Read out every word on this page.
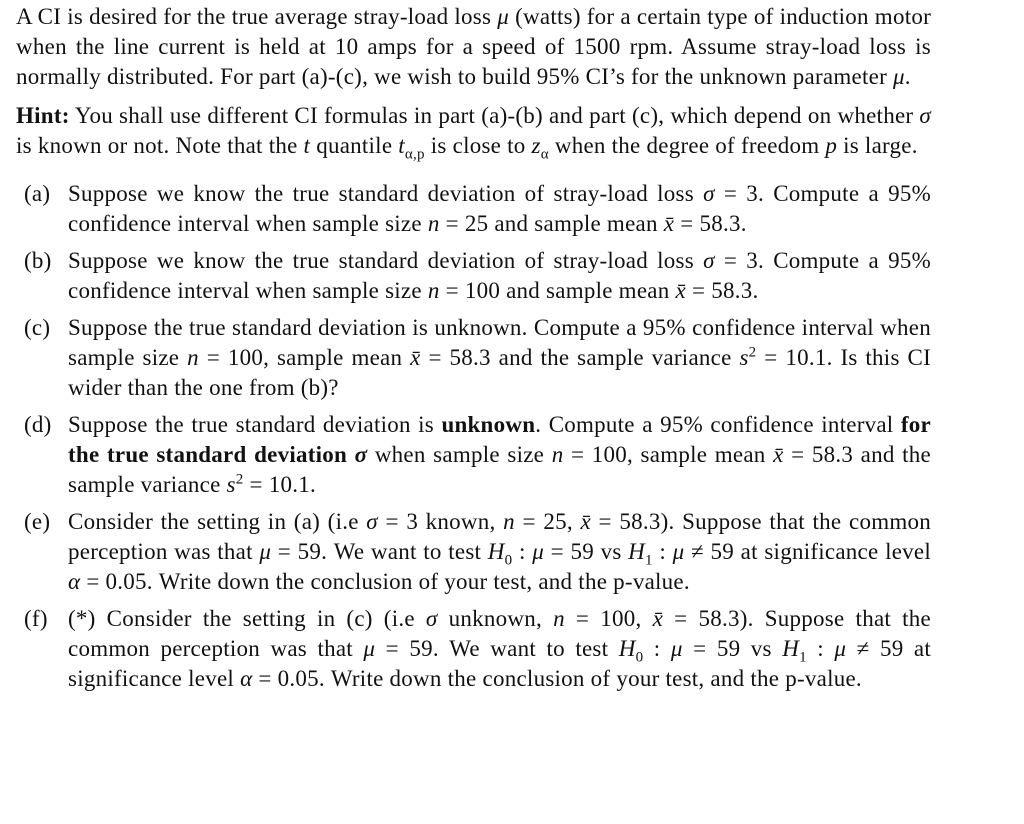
A CI is desired for the true average stray-load loss μ (watts) for a certain type of induction motor when the line current is held at 10 amps for a speed of 1500 rpm. Assume stray-load loss is normally distributed. For part (a)-(c), we wish to build 95% CI’s for the unknown parameter μ.

Hint: You shall use different CI formulas in part (a)-(b) and part (c), which depend on whether σ is known or not. Note that the t quantile $t_{\alpha,p}$ is close to $z_\alpha$ when the degree of freedom p is large.

(a) Suppose we know the true standard deviation of stray-load loss σ = 3. Compute a 95% confidence interval when sample size n = 25 and sample mean x̄ = 58.3.

(b) Suppose we know the true standard deviation of stray-load loss σ = 3. Compute a 95% confidence interval when sample size n = 100 and sample mean x̄ = 58.3.

(c) Suppose the true standard deviation is unknown. Compute a 95% confidence interval when sample size n = 100, sample mean x̄ = 58.3 and the sample variance $s^2 = 10.1$. Is this CI wider than the one from (b)?

(d) Suppose the true standard deviation is unknown. Compute a 95% confidence interval for the true standard deviation σ when sample size n = 100, sample mean x̄ = 58.3 and the sample variance $s^2 = 10.1$.

(e) Consider the setting in (a) (i.e σ = 3 known, n = 25, x̄ = 58.3). Suppose that the common perception was that μ = 59. We want to test $H_0$ : μ = 59 vs $H_1$ : μ ≠ 59 at significance level α = 0.05. Write down the conclusion of your test, and the p-value.

(f) (*) Consider the setting in (c) (i.e σ unknown, n = 100, x̄ = 58.3). Suppose that the common perception was that μ = 59. We want to test $H_0$ : μ = 59 vs $H_1$ : μ ≠ 59 at significance level α = 0.05. Write down the conclusion of your test, and the p-value.
